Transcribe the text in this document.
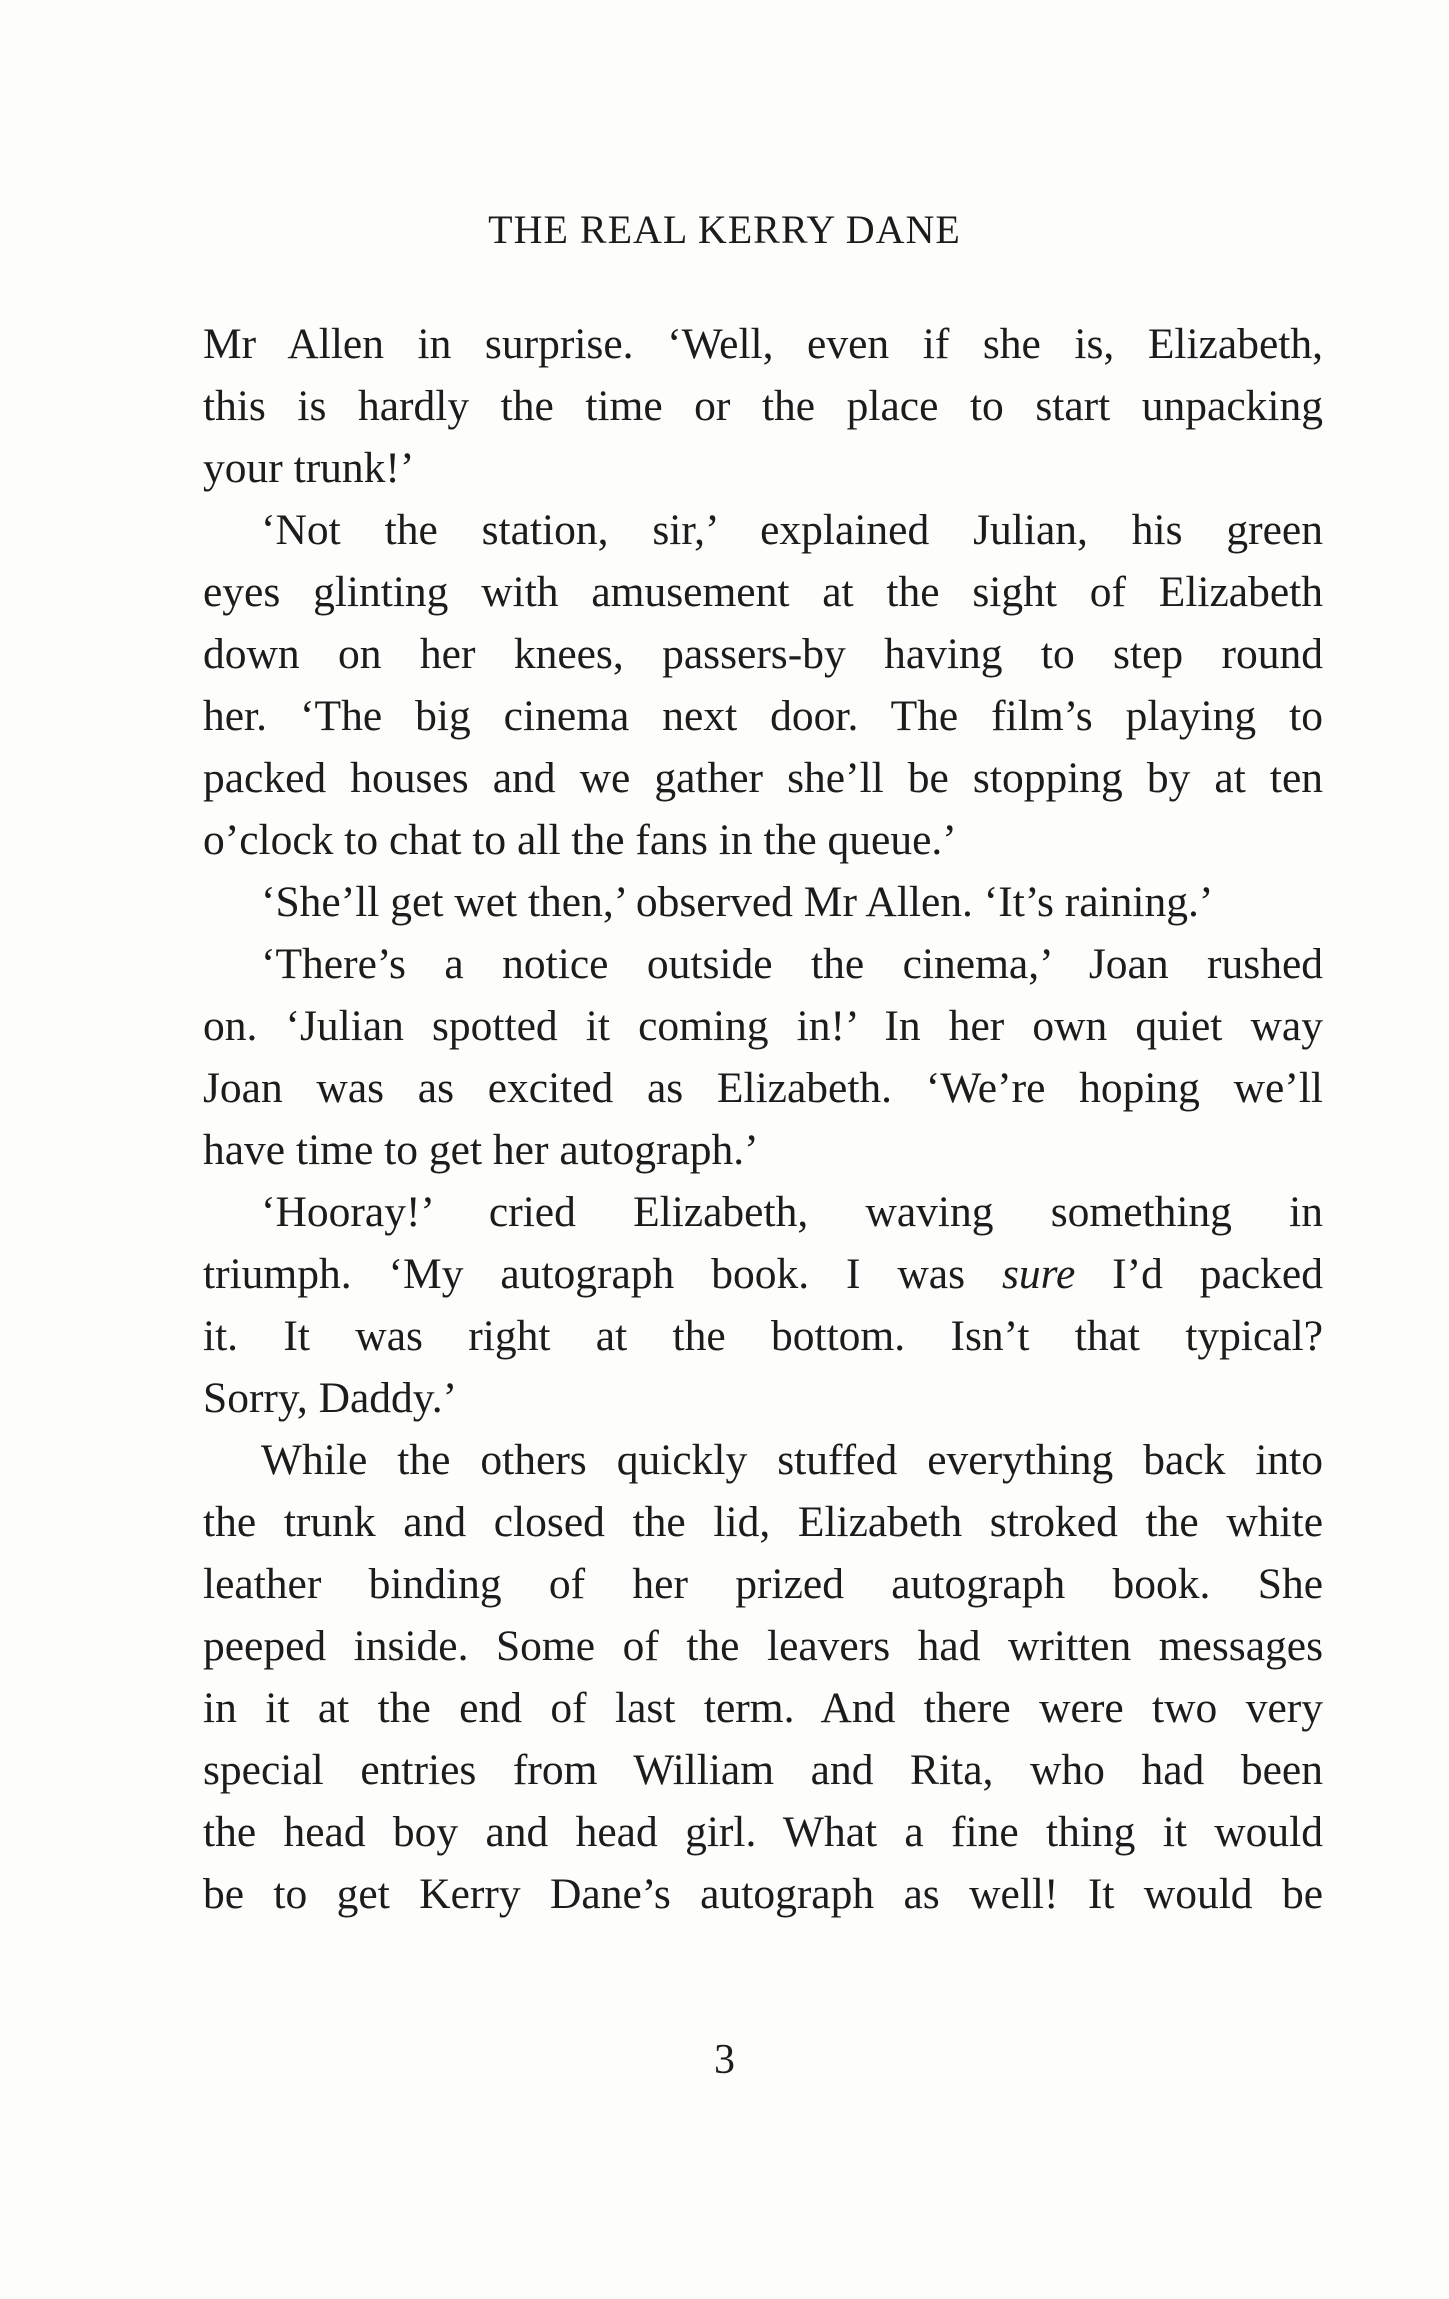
THE REAL KERRY DANE

Mr Allen in surprise. ‘Well, even if she is, Elizabeth,
this is hardly the time or the place to start unpacking
your trunk!’

‘Not the station, sir,’ explained Julian, his green
eyes glinting with amusement at the sight of Elizabeth
down on her knees, passers-by having to step round
her. ‘The big cinema next door. The film’s playing to
packed houses and we gather she’ll be stopping by at ten
o’clock to chat to all the fans in the queue.’

‘She’ll get wet then,’ observed Mr Allen. ‘It’s raining.’

‘There’s a notice outside the cinema,’ Joan rushed
on. ‘Julian spotted it coming in!’ In her own quiet way
Joan was as excited as Elizabeth. ‘We’re hoping we’ll
have time to get her autograph.’

‘Hooray!’ cried Elizabeth, waving something in
triumph. ‘My autograph book. I was sure I’d packed
it. It was right at the bottom. Isn’t that typical?
Sorry, Daddy.’

While the others quickly stuffed everything back into
the trunk and closed the lid, Elizabeth stroked the white
leather binding of her prized autograph book. She
peeped inside. Some of the leavers had written messages
in it at the end of last term. And there were two very
special entries from William and Rita, who had been
the head boy and head girl. What a fine thing it would
be to get Kerry Dane’s autograph as well! It would be

3
